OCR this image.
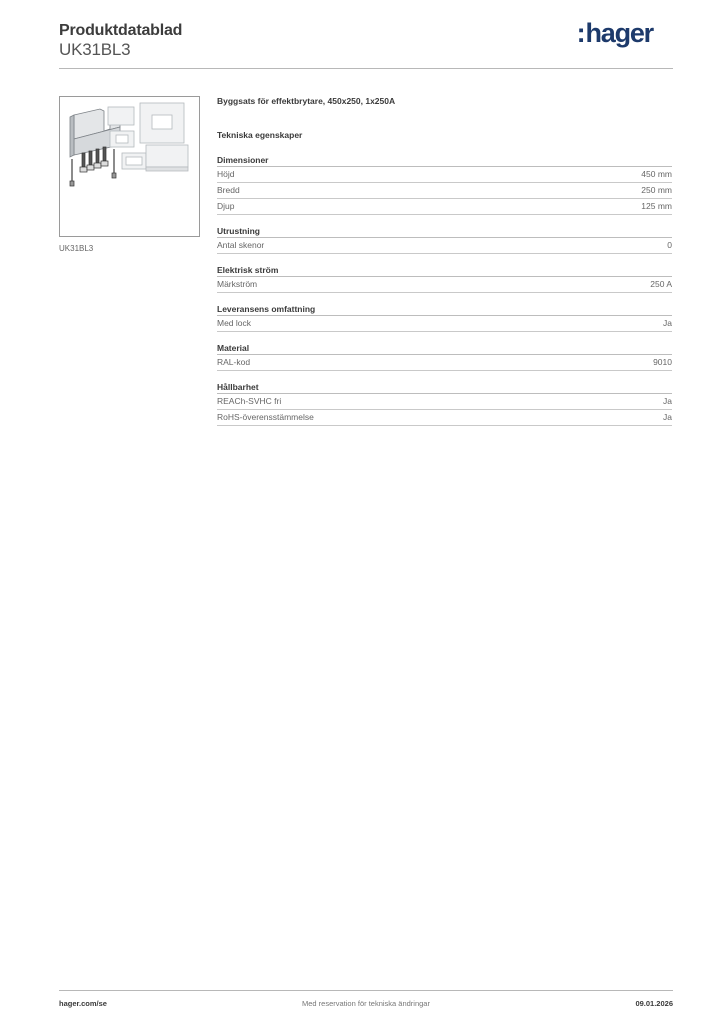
Produktdatablad
UK31BL3
:hager
UK31BL3
Byggsats för effektbrytare, 450x250, 1x250A
Tekniska egenskaper
Dimensioner
Höjd	450 mm
Bredd	250 mm
Djup	125 mm
Utrustning
Antal skenor	0
Elektrisk ström
Märkström	250 A
Leveransens omfattning
Med lock	Ja
Material
RAL-kod	9010
Hållbarhet
REACh-SVHC fri	Ja
RoHS-överensstämmelse	Ja
Med reservation för tekniska ändringar
hager.com/se	09.01.2026
